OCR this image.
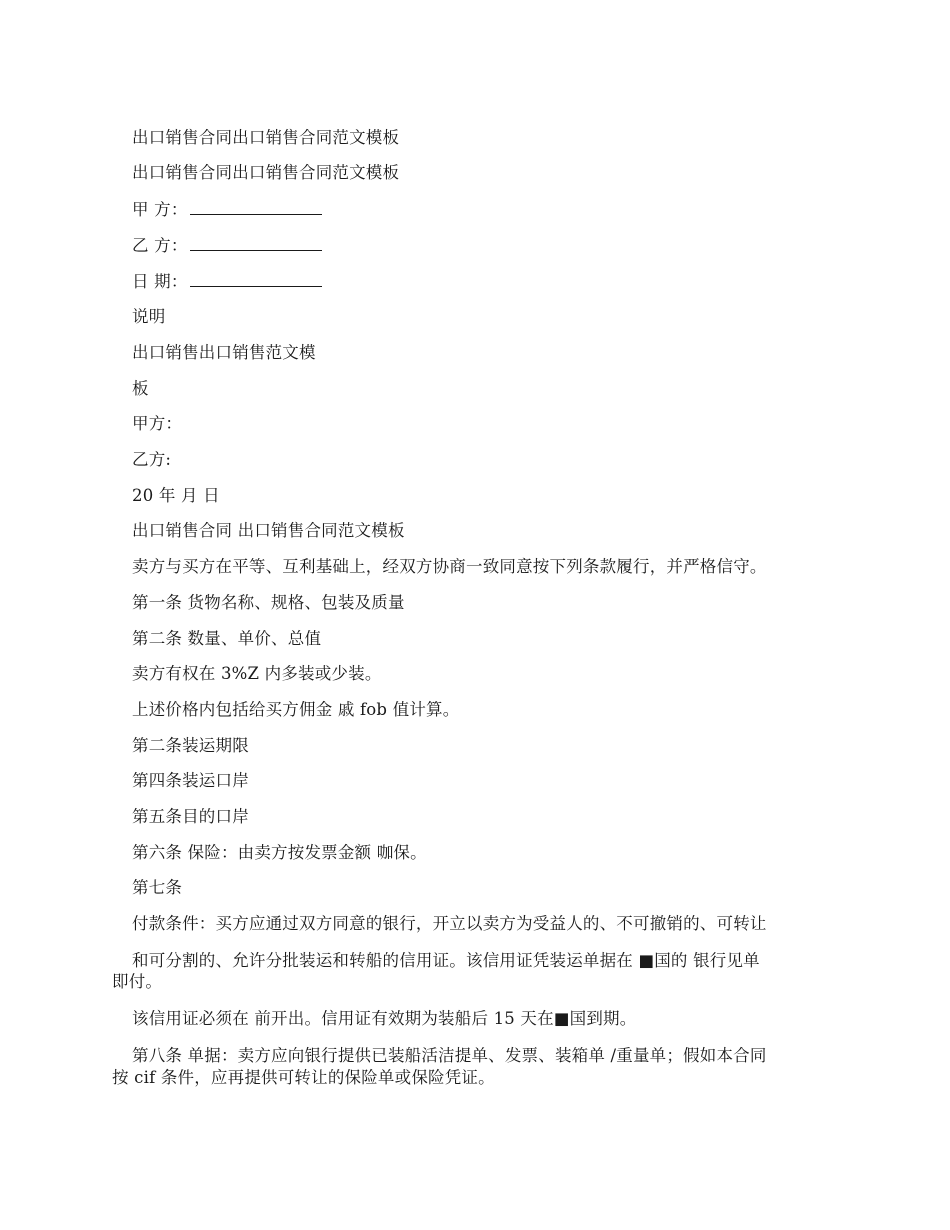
出口销售合同出口销售合同范文模板
出口销售合同出口销售合同范文模板
甲 方：
乙 方：
日 期：
说明
出口销售出口销售范文模
板
甲方：
乙方:
20 年 月 日
出口销售合同 出口销售合同范文模板
卖方与买方在平等、互利基础上，经双方协商一致同意按下列条款履行，并严格信守。
第一条 货物名称、规格、包装及质量
第二条 数量、单价、总值
卖方有权在 3%Z 内多装或少装。
上述价格内包括给买方佣金 戚 fob 值计算。
第二条装运期限
第四条装运口岸
第五条目的口岸
第六条 保险：由卖方按发票金额 咖保。
第七条
付款条件：买方应通过双方同意的银行，开立以卖方为受益人的、不可撤销的、可转让
和可分割的、允许分批装运和转船的信用证。该信用证凭装运单据在 ■国的 银行见单
即付。
该信用证必须在 前开出。信用证有效期为装船后 15 天在■国到期。
第八条 单据：卖方应向银行提供已装船活洁提单、发票、装箱单 /重量单；假如本合同
按 cif 条件，应再提供可转让的保险单或保险凭证。
